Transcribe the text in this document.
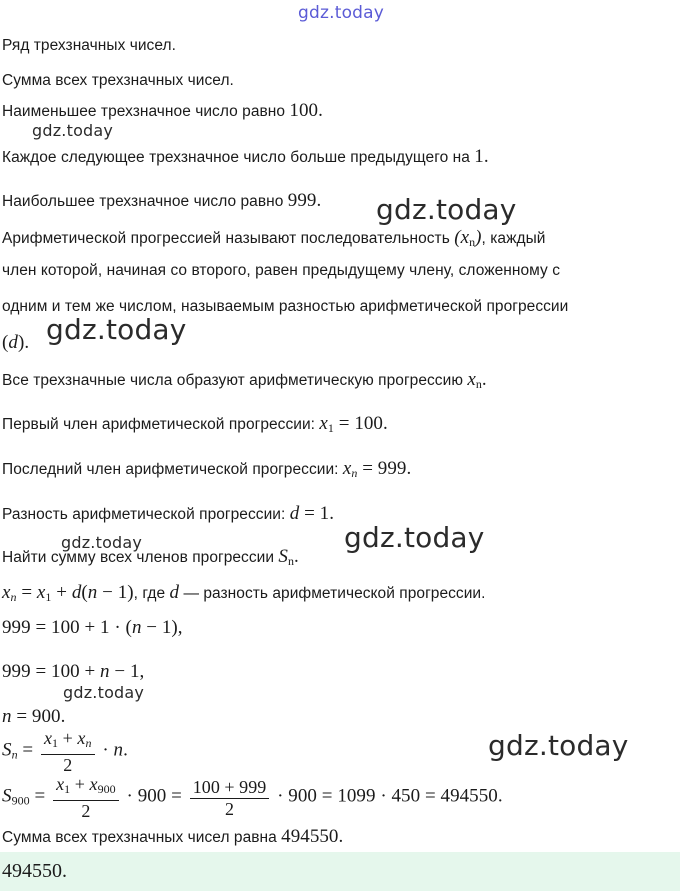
gdz.today
gdz.today
gdz.today
gdz.today
gdz.today	gdz.today
gdz.today
gdz.today
Ряд трехзначных чисел.
Сумма всех трехзначных чисел.
Наименьшее трехзначное число равно 100.
Каждое следующее трехзначное число больше предыдущего на 1.
Наибольшее трехзначное число равно 999.
Арифметической прогрессией называют последовательность $(x_n)$, каждый
член которой, начиная со второго, равен предыдущему члену, сложенному с
одним и тем же числом, называемым разностью арифметической прогрессии
(d).
Все трехзначные числа образуют арифметическую прогрессию $x_n$.
Первый член арифметической прогрессии: $x_1 = 100$.
Последний член арифметической прогрессии: $x_n = 999$.
Разность арифметической прогрессии: d = 1.
Найти сумму всех членов прогрессии $S_n$.
$x_n = x_1 + d(n - 1)$, где d — разность арифметической прогрессии.
999 = 100 + 1 · (n − 1),
999 = 100 + n − 1,
n = 900.
$S_n = \frac{x_1 + x_n}{2} \cdot n$.
$S_{900} = \frac{x_1 + x_{900}}{2} \cdot 900 = \frac{100 + 999}{2} \cdot 900 = 1099 \cdot 450 = 494550$.
Сумма всех трехзначных чисел равна 494550.
494550.
